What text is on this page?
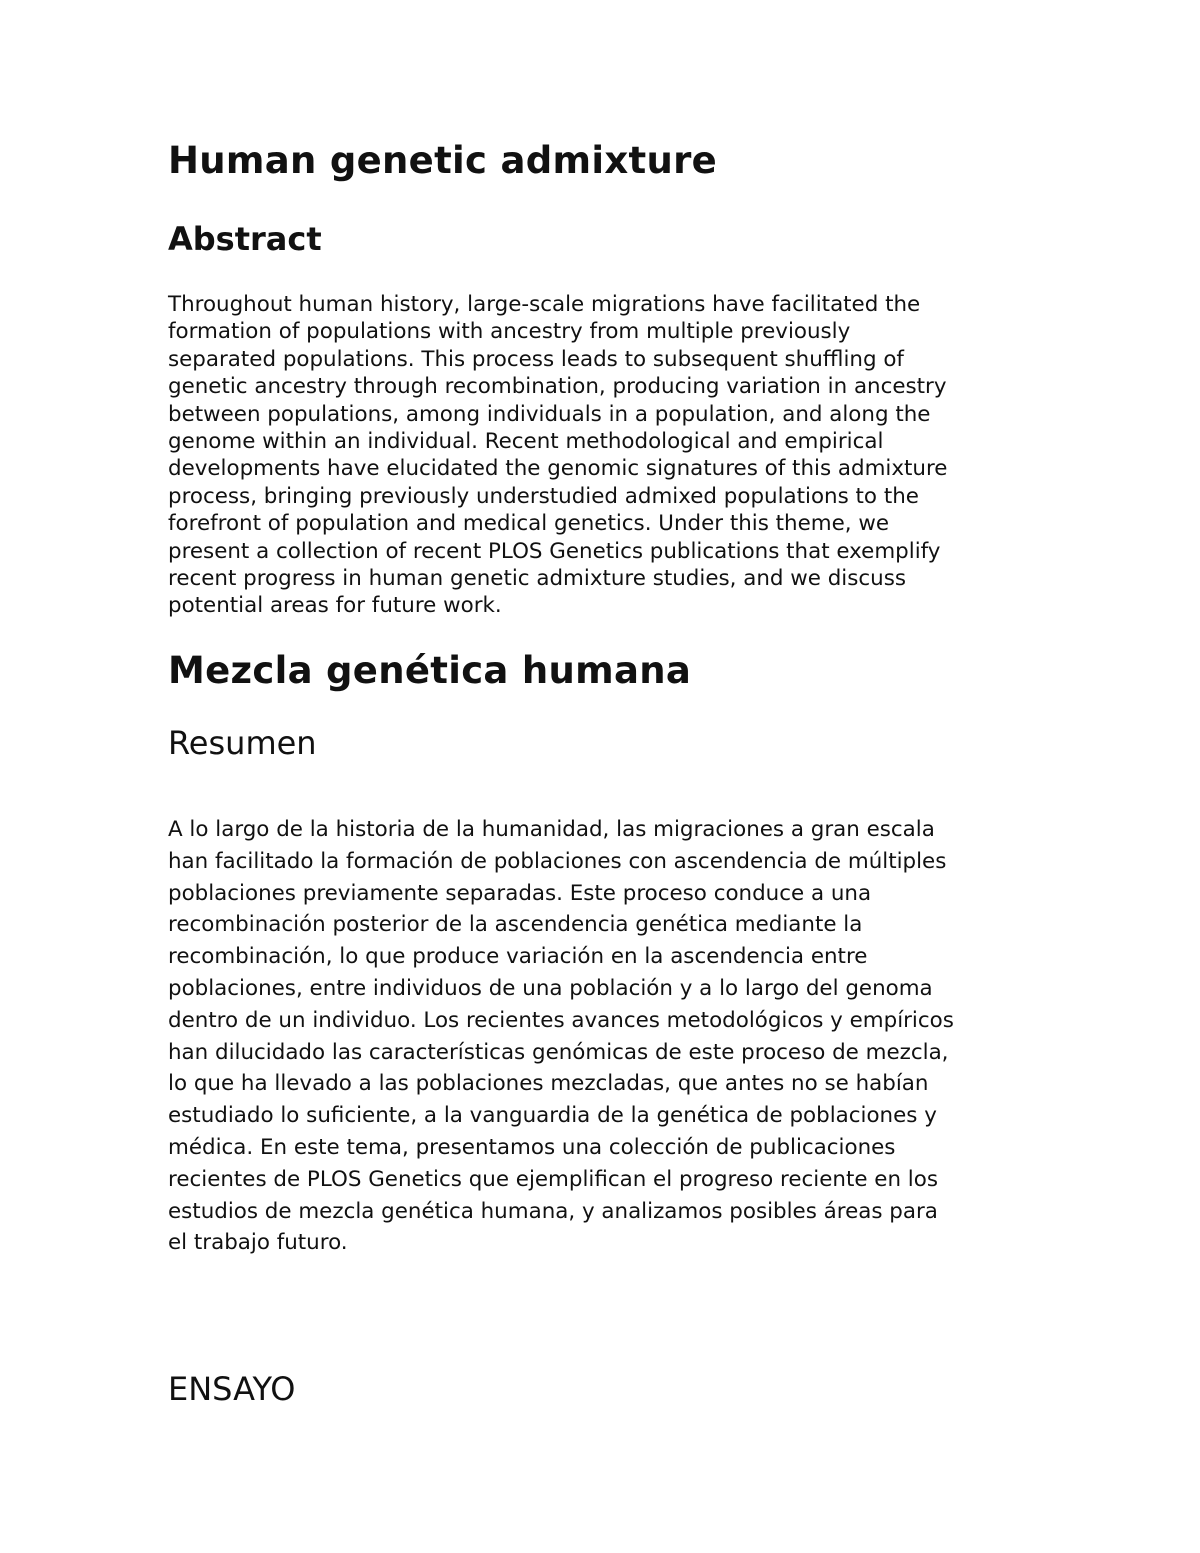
Human genetic admixture
Abstract
Throughout human history, large-scale migrations have facilitated the
formation of populations with ancestry from multiple previously
separated populations. This process leads to subsequent shuffling of
genetic ancestry through recombination, producing variation in ancestry
between populations, among individuals in a population, and along the
genome within an individual. Recent methodological and empirical
developments have elucidated the genomic signatures of this admixture
process, bringing previously understudied admixed populations to the
forefront of population and medical genetics. Under this theme, we
present a collection of recent PLOS Genetics publications that exemplify
recent progress in human genetic admixture studies, and we discuss
potential areas for future work.
Mezcla genética humana
Resumen
A lo largo de la historia de la humanidad, las migraciones a gran escala
han facilitado la formación de poblaciones con ascendencia de múltiples
poblaciones previamente separadas. Este proceso conduce a una
recombinación posterior de la ascendencia genética mediante la
recombinación, lo que produce variación en la ascendencia entre
poblaciones, entre individuos de una población y a lo largo del genoma
dentro de un individuo. Los recientes avances metodológicos y empíricos
han dilucidado las características genómicas de este proceso de mezcla,
lo que ha llevado a las poblaciones mezcladas, que antes no se habían
estudiado lo suficiente, a la vanguardia de la genética de poblaciones y
médica. En este tema, presentamos una colección de publicaciones
recientes de PLOS Genetics que ejemplifican el progreso reciente en los
estudios de mezcla genética humana, y analizamos posibles áreas para
el trabajo futuro.
ENSAYO
